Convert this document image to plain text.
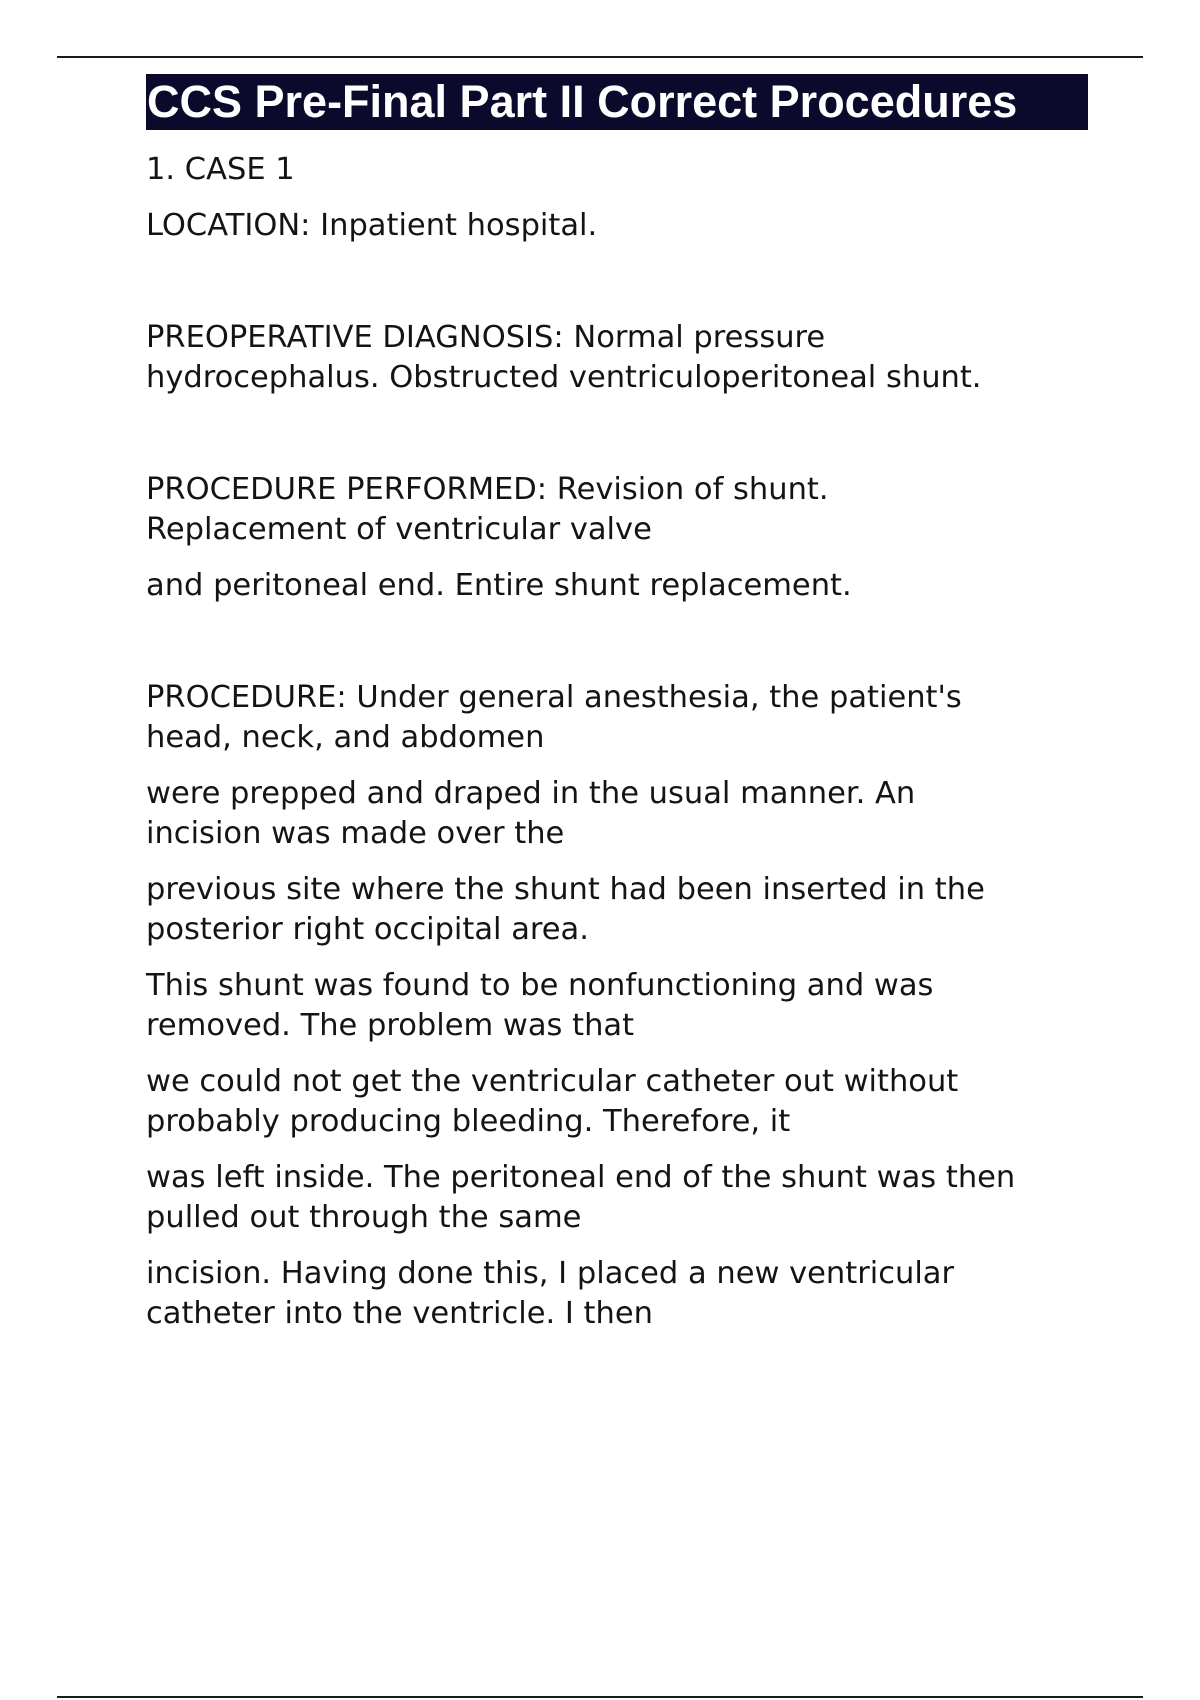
CCS Pre-Final Part II Correct Procedures

1. CASE 1

LOCATION: Inpatient hospital.

PREOPERATIVE DIAGNOSIS: Normal pressure

hydrocephalus. Obstructed ventriculoperitoneal shunt.

PROCEDURE PERFORMED: Revision of shunt.

Replacement of ventricular valve

and peritoneal end. Entire shunt replacement.

PROCEDURE: Under general anesthesia, the patient's

head, neck, and abdomen

were prepped and draped in the usual manner. An

incision was made over the

previous site where the shunt had been inserted in the

posterior right occipital area.

This shunt was found to be nonfunctioning and was

removed. The problem was that

we could not get the ventricular catheter out without

probably producing bleeding. Therefore, it

was left inside. The peritoneal end of the shunt was then

pulled out through the same

incision. Having done this, I placed a new ventricular

catheter into the ventricle. I then
